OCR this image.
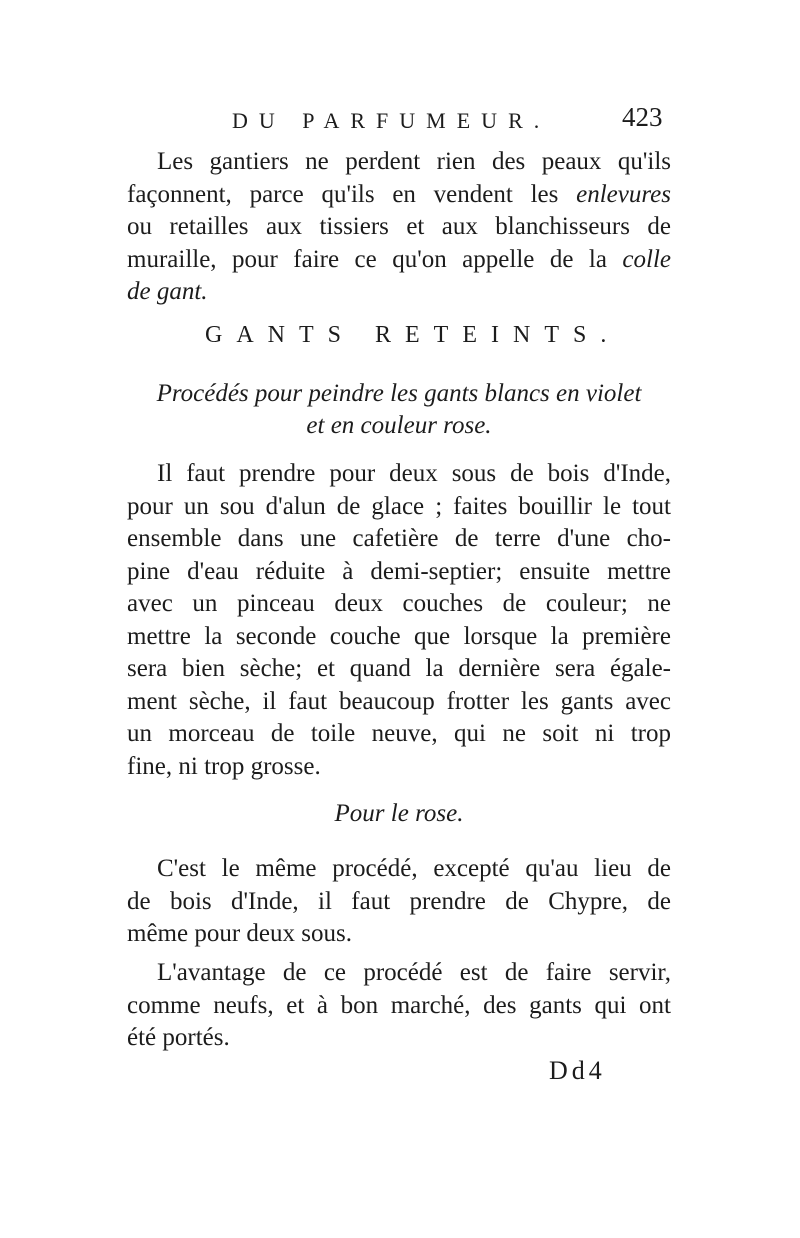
DU PARFUMEUR.	423
Les gantiers ne perdent rien des peaux qu'ils
façonnent, parce qu'ils en vendent les enlevures
ou retailles aux tissiers et aux blanchisseurs de
muraille, pour faire ce qu'on appelle de la colle
de gant.
GANTS RETEINTS.
Procédés pour peindre les gants blancs en violet
et en couleur rose.
Il faut prendre pour deux sous de bois d'Inde,
pour un sou d'alun de glace ; faites bouillir le tout
ensemble dans une cafetière de terre d'une cho-
pine d'eau réduite à demi-septier; ensuite mettre
avec un pinceau deux couches de couleur; ne
mettre la seconde couche que lorsque la première
sera bien sèche; et quand la dernière sera égale-
ment sèche, il faut beaucoup frotter les gants avec
un morceau de toile neuve, qui ne soit ni trop
fine, ni trop grosse.
Pour le rose.
C'est le même procédé, excepté qu'au lieu de
de bois d'Inde, il faut prendre de Chypre, de
même pour deux sous.
L'avantage de ce procédé est de faire servir,
comme neufs, et à bon marché, des gants qui ont
été portés.
Dd4
